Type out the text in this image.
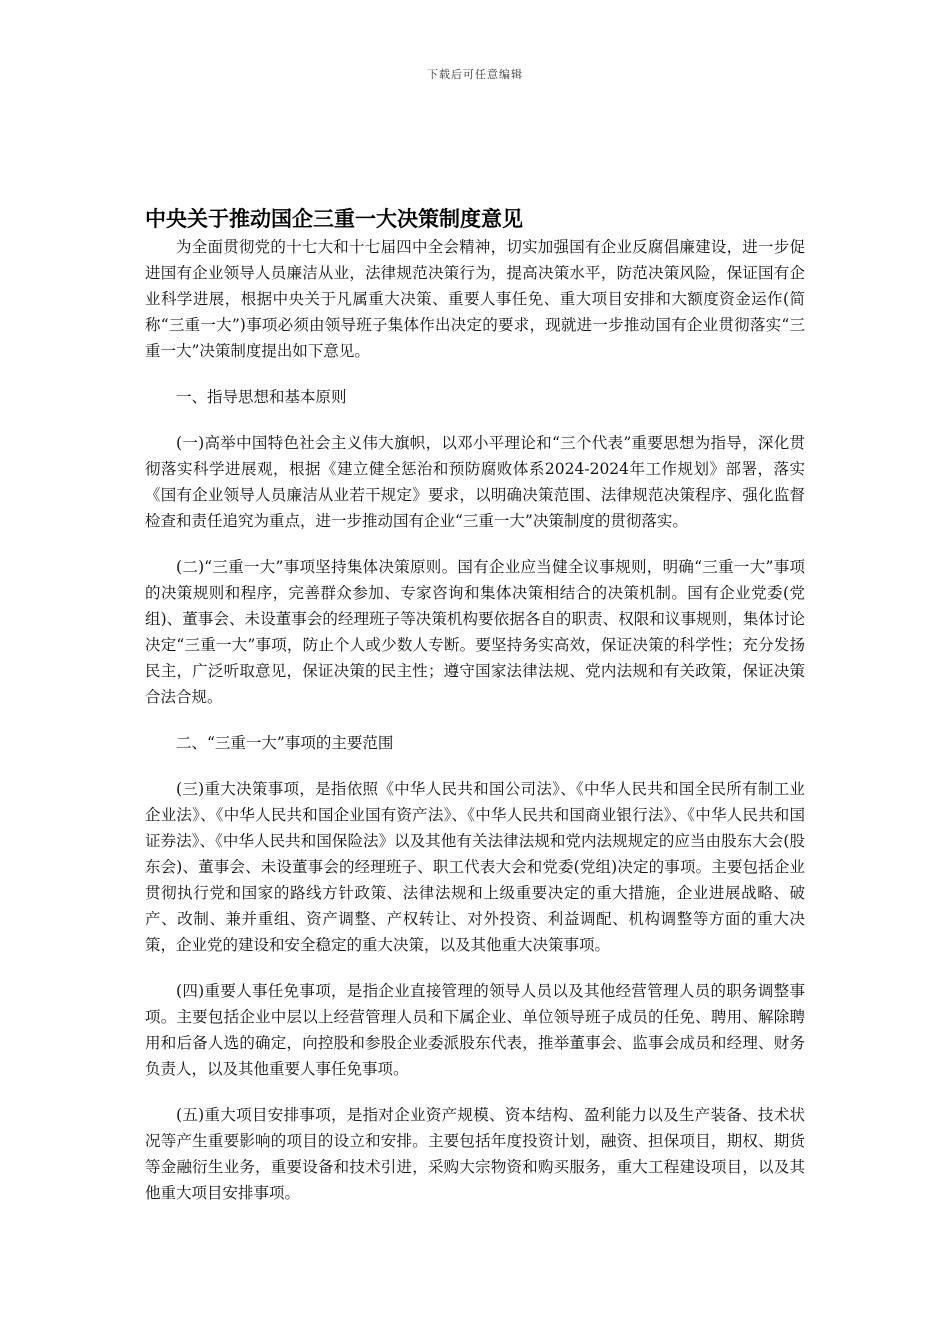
下载后可任意编辑
中央关于推动国企三重一大决策制度意见

为全面贯彻党的十七大和十七届四中全会精神，切实加强国有企业反腐倡廉建设，进一步促进国有企业领导人员廉洁从业，法律规范决策行为，提高决策水平，防范决策风险，保证国有企业科学进展，根据中央关于凡属重大决策、重要人事任免、重大项目安排和大额度资金运作(简称“三重一大”)事项必须由领导班子集体作出决定的要求，现就进一步推动国有企业贯彻落实“三重一大”决策制度提出如下意见。

一、指导思想和基本原则

(一)高举中国特色社会主义伟大旗帜，以邓小平理论和“三个代表”重要思想为指导，深化贯彻落实科学进展观，根据《建立健全惩治和预防腐败体系2024-2024年工作规划》部署，落实《国有企业领导人员廉洁从业若干规定》要求，以明确决策范围、法律规范决策程序、强化监督检查和责任追究为重点，进一步推动国有企业“三重一大”决策制度的贯彻落实。

(二)“三重一大”事项坚持集体决策原则。国有企业应当健全议事规则，明确“三重一大”事项的决策规则和程序，完善群众参加、专家咨询和集体决策相结合的决策机制。国有企业党委(党组)、董事会、未设董事会的经理班子等决策机构要依据各自的职责、权限和议事规则，集体讨论决定“三重一大”事项，防止个人或少数人专断。要坚持务实高效，保证决策的科学性；充分发扬民主，广泛听取意见，保证决策的民主性；遵守国家法律法规、党内法规和有关政策，保证决策合法合规。

二、“三重一大”事项的主要范围

(三)重大决策事项，是指依照《中华人民共和国公司法》、《中华人民共和国全民所有制工业企业法》、《中华人民共和国企业国有资产法》、《中华人民共和国商业银行法》、《中华人民共和国证券法》、《中华人民共和国保险法》以及其他有关法律法规和党内法规规定的应当由股东大会(股东会)、董事会、未设董事会的经理班子、职工代表大会和党委(党组)决定的事项。主要包括企业贯彻执行党和国家的路线方针政策、法律法规和上级重要决定的重大措施，企业进展战略、破产、改制、兼并重组、资产调整、产权转让、对外投资、利益调配、机构调整等方面的重大决策，企业党的建设和安全稳定的重大决策，以及其他重大决策事项。

(四)重要人事任免事项，是指企业直接管理的领导人员以及其他经营管理人员的职务调整事项。主要包括企业中层以上经营管理人员和下属企业、单位领导班子成员的任免、聘用、解除聘用和后备人选的确定，向控股和参股企业委派股东代表，推举董事会、监事会成员和经理、财务负责人，以及其他重要人事任免事项。

(五)重大项目安排事项，是指对企业资产规模、资本结构、盈利能力以及生产装备、技术状况等产生重要影响的项目的设立和安排。主要包括年度投资计划，融资、担保项目，期权、期货等金融衍生业务，重要设备和技术引进，采购大宗物资和购买服务，重大工程建设项目，以及其他重大项目安排事项。
